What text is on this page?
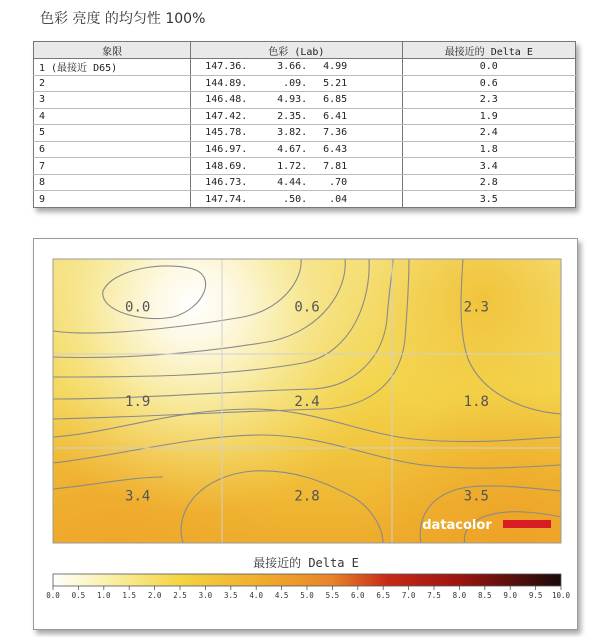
色彩 亮度 的均匀性 100%
象限	色彩 (Lab)	最接近的 Delta E
1 (最接近 D65)	147.36. 3.66. 4.99	0.0
2	144.89. .09. 5.21	0.6
3	146.48. 4.93. 6.85	2.3
4	147.42. 2.35. 6.41	1.9
5	145.78. 3.82. 7.36	2.4
6	146.97. 4.67. 6.43	1.8
7	148.69. 1.72. 7.81	3.4
8	146.73. 4.44. .70	2.8
9	147.74. .50. .04	3.5
0.0	0.6	2.3
1.9	2.4	1.8
3.4	2.8	3.5
datacolor
最接近的 Delta E
0.0 0.5 1.0 1.5 2.0 2.5 3.0 3.5 4.0 4.5 5.0 5.5 6.0 6.5 7.0 7.5 8.0 8.5 9.0 9.5 10.0
